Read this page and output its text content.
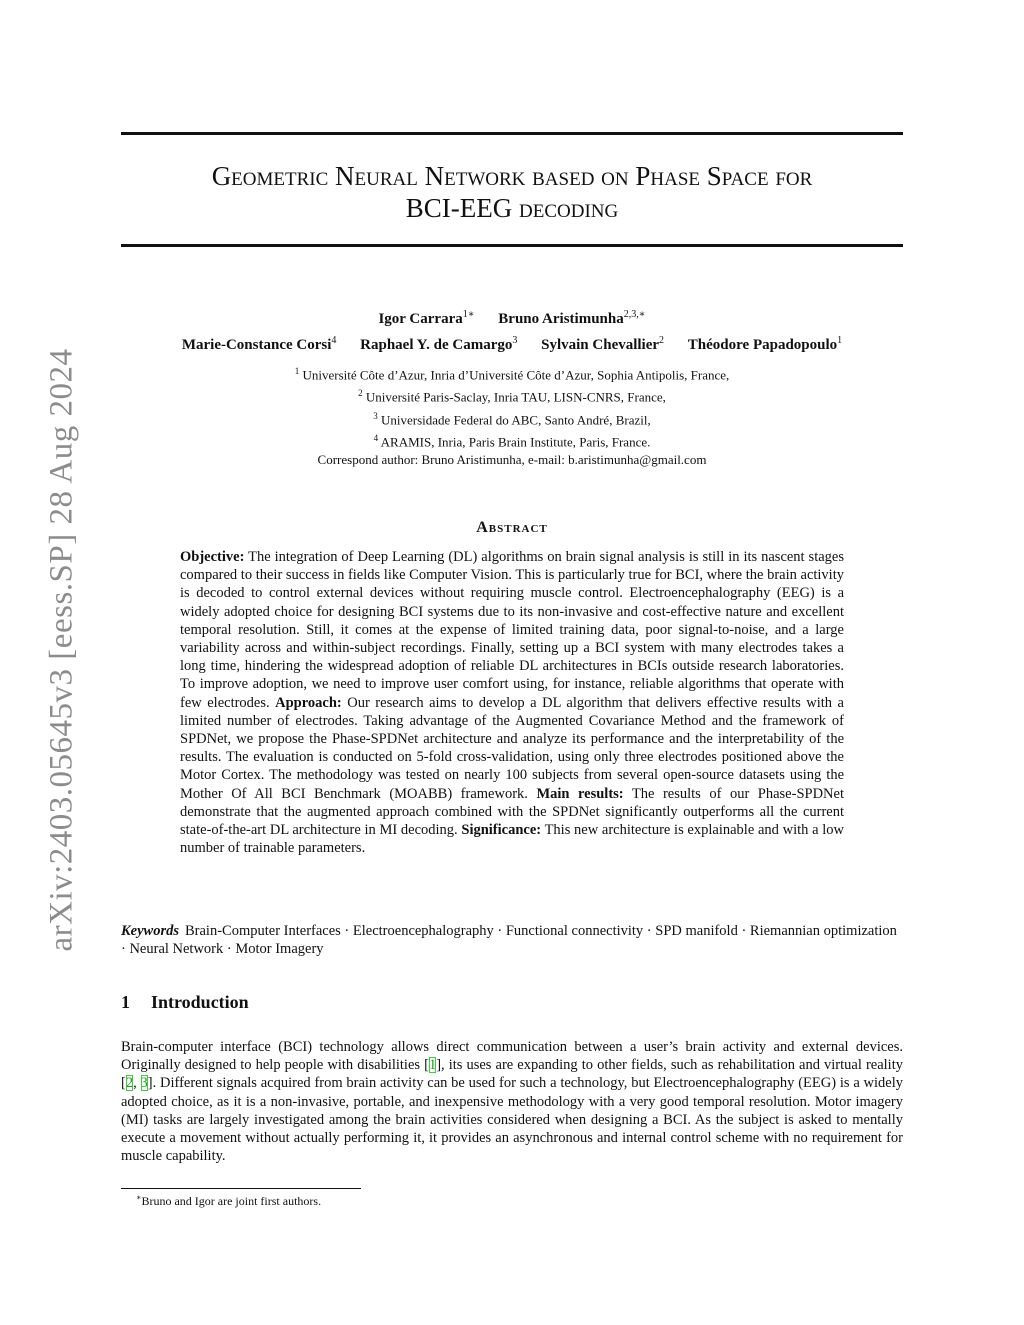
arXiv:2403.05645v3 [eess.SP] 28 Aug 2024
Geometric Neural Network based on Phase Space for
BCI-EEG decoding
Igor Carrara$^{1∗}$ Bruno Aristimunha$^{2,3,∗}$
Marie-Constance Corsi$^4$ Raphael Y. de Camargo$^3$ Sylvain Chevallier$^2$ Théodore Papadopoulo$^1$
$^1$ Université Côte d’Azur, Inria d’Université Côte d’Azur, Sophia Antipolis, France,
$^2$ Université Paris-Saclay, Inria TAU, LISN-CNRS, France,
$^3$ Universidade Federal do ABC, Santo André, Brazil,
$^4$ ARAMIS, Inria, Paris Brain Institute, Paris, France.
Correspond author: Bruno Aristimunha, e-mail: b.aristimunha@gmail.com
Abstract
Objective: The integration of Deep Learning (DL) algorithms on brain signal analysis is still in its nascent stages compared to their success in fields like Computer Vision. This is particularly true for BCI, where the brain activity is decoded to control external devices without requiring muscle control. Electroencephalography (EEG) is a widely adopted choice for designing BCI systems due to its non-invasive and cost-effective nature and excellent temporal resolution. Still, it comes at the expense of limited training data, poor signal-to-noise, and a large variability across and within-subject recordings. Finally, setting up a BCI system with many electrodes takes a long time, hindering the widespread adoption of reliable DL architectures in BCIs outside research laboratories. To improve adoption, we need to improve user comfort using, for instance, reliable algorithms that operate with few electrodes. Approach: Our research aims to develop a DL algorithm that delivers effective results with a limited number of electrodes. Taking advantage of the Augmented Covariance Method and the framework of SPDNet, we propose the Phase-SPDNet architecture and analyze its performance and the interpretability of the results. The evaluation is conducted on 5-fold cross-validation, using only three electrodes positioned above the Motor Cortex. The methodology was tested on nearly 100 subjects from several open-source datasets using the Mother Of All BCI Benchmark (MOABB) framework. Main results: The results of our Phase-SPDNet demonstrate that the augmented approach combined with the SPDNet significantly outperforms all the current state-of-the-art DL architecture in MI decoding. Significance: This new architecture is explainable and with a low number of trainable parameters.
Keywords Brain-Computer Interfaces · Electroencephalography · Functional connectivity · SPD manifold · Riemannian optimization · Neural Network · Motor Imagery
1 Introduction
Brain-computer interface (BCI) technology allows direct communication between a user’s brain activity and external devices. Originally designed to help people with disabilities [1], its uses are expanding to other fields, such as rehabilitation and virtual reality [2, 3]. Different signals acquired from brain activity can be used for such a technology, but Electroencephalography (EEG) is a widely adopted choice, as it is a non-invasive, portable, and inexpensive methodology with a very good temporal resolution. Motor imagery (MI) tasks are largely investigated among the brain activities considered when designing a BCI. As the subject is asked to mentally execute a movement without actually performing it, it provides an asynchronous and internal control scheme with no requirement for muscle capability.
∗Bruno and Igor are joint first authors.
